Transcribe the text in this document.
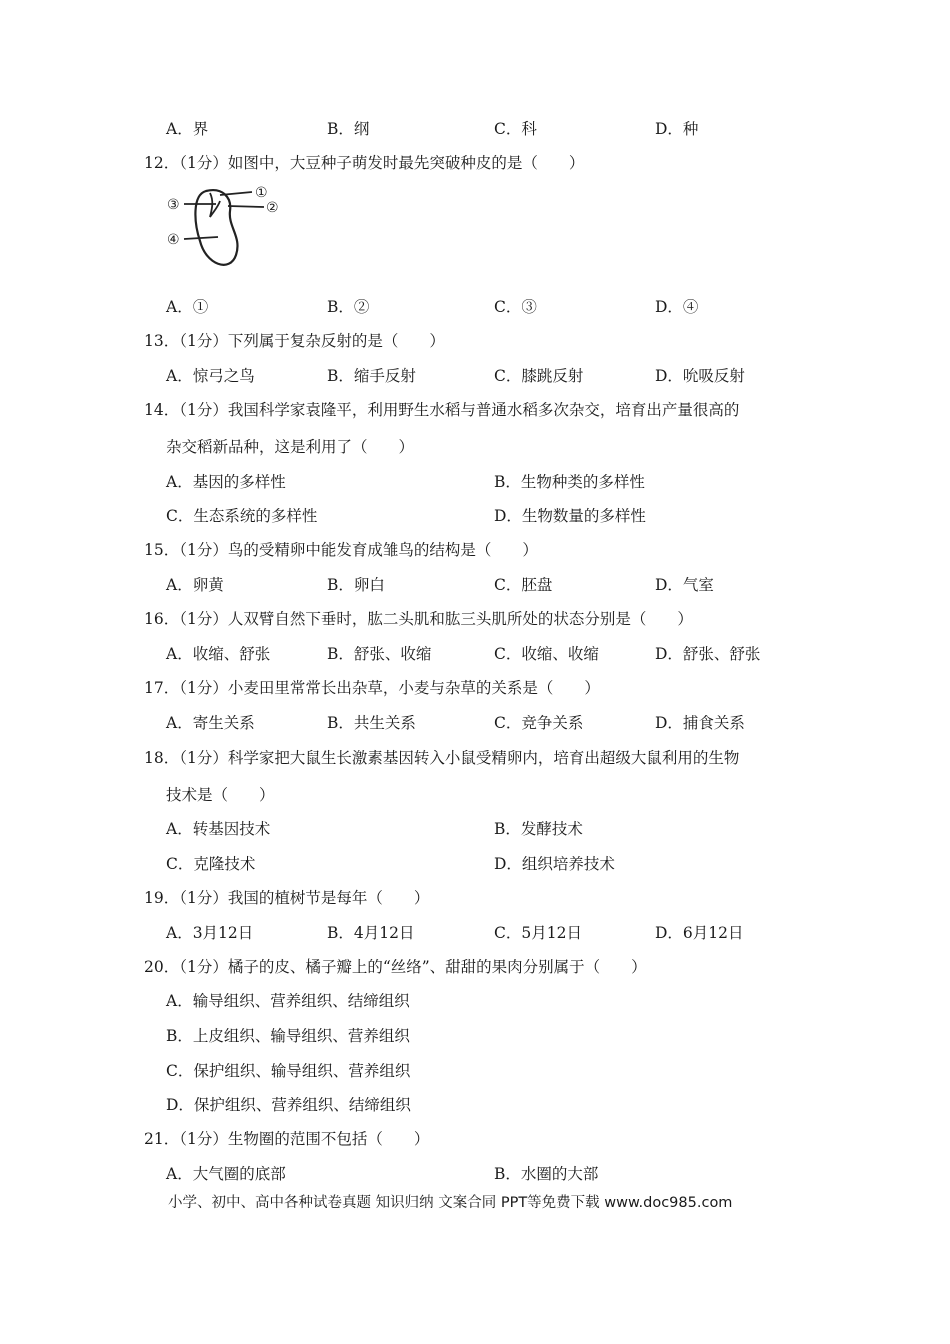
A．界	B．纲	C．科	D．种
12．（1分）如图中，大豆种子萌发时最先突破种皮的是（　　）
①
②
③
④
A．①	B．②	C．③	D．④
13．（1分）下列属于复杂反射的是（　　）
A．惊弓之鸟	B．缩手反射	C．膝跳反射	D．吮吸反射
14．（1分）我国科学家袁隆平，利用野生水稻与普通水稻多次杂交，培育出产量很高的
杂交稻新品种，这是利用了（　　）
A．基因的多样性	B．生物种类的多样性
C．生态系统的多样性	D．生物数量的多样性
15．（1分）鸟的受精卵中能发育成雏鸟的结构是（　　）
A．卵黄	B．卵白	C．胚盘	D．气室
16．（1分）人双臂自然下垂时，肱二头肌和肱三头肌所处的状态分别是（　　）
A．收缩、舒张	B．舒张、收缩	C．收缩、收缩	D．舒张、舒张
17．（1分）小麦田里常常长出杂草，小麦与杂草的关系是（　　）
A．寄生关系	B．共生关系	C．竞争关系	D．捕食关系
18．（1分）科学家把大鼠生长激素基因转入小鼠受精卵内，培育出超级大鼠利用的生物
技术是（　　）
A．转基因技术	B．发酵技术
C．克隆技术	D．组织培养技术
19．（1分）我国的植树节是每年（　　）
A．3月12日	B．4月12日	C．5月12日	D．6月12日
20．（1分）橘子的皮、橘子瓣上的“丝络”、甜甜的果肉分别属于（　　）
A．输导组织、营养组织、结缔组织
B．上皮组织、输导组织、营养组织
C．保护组织、输导组织、营养组织
D．保护组织、营养组织、结缔组织
21．（1分）生物圈的范围不包括（　　）
A．大气圈的底部	B．水圈的大部
小学、初中、高中各种试卷真题 知识归纳 文案合同 PPT等免费下载 www.doc985.com
